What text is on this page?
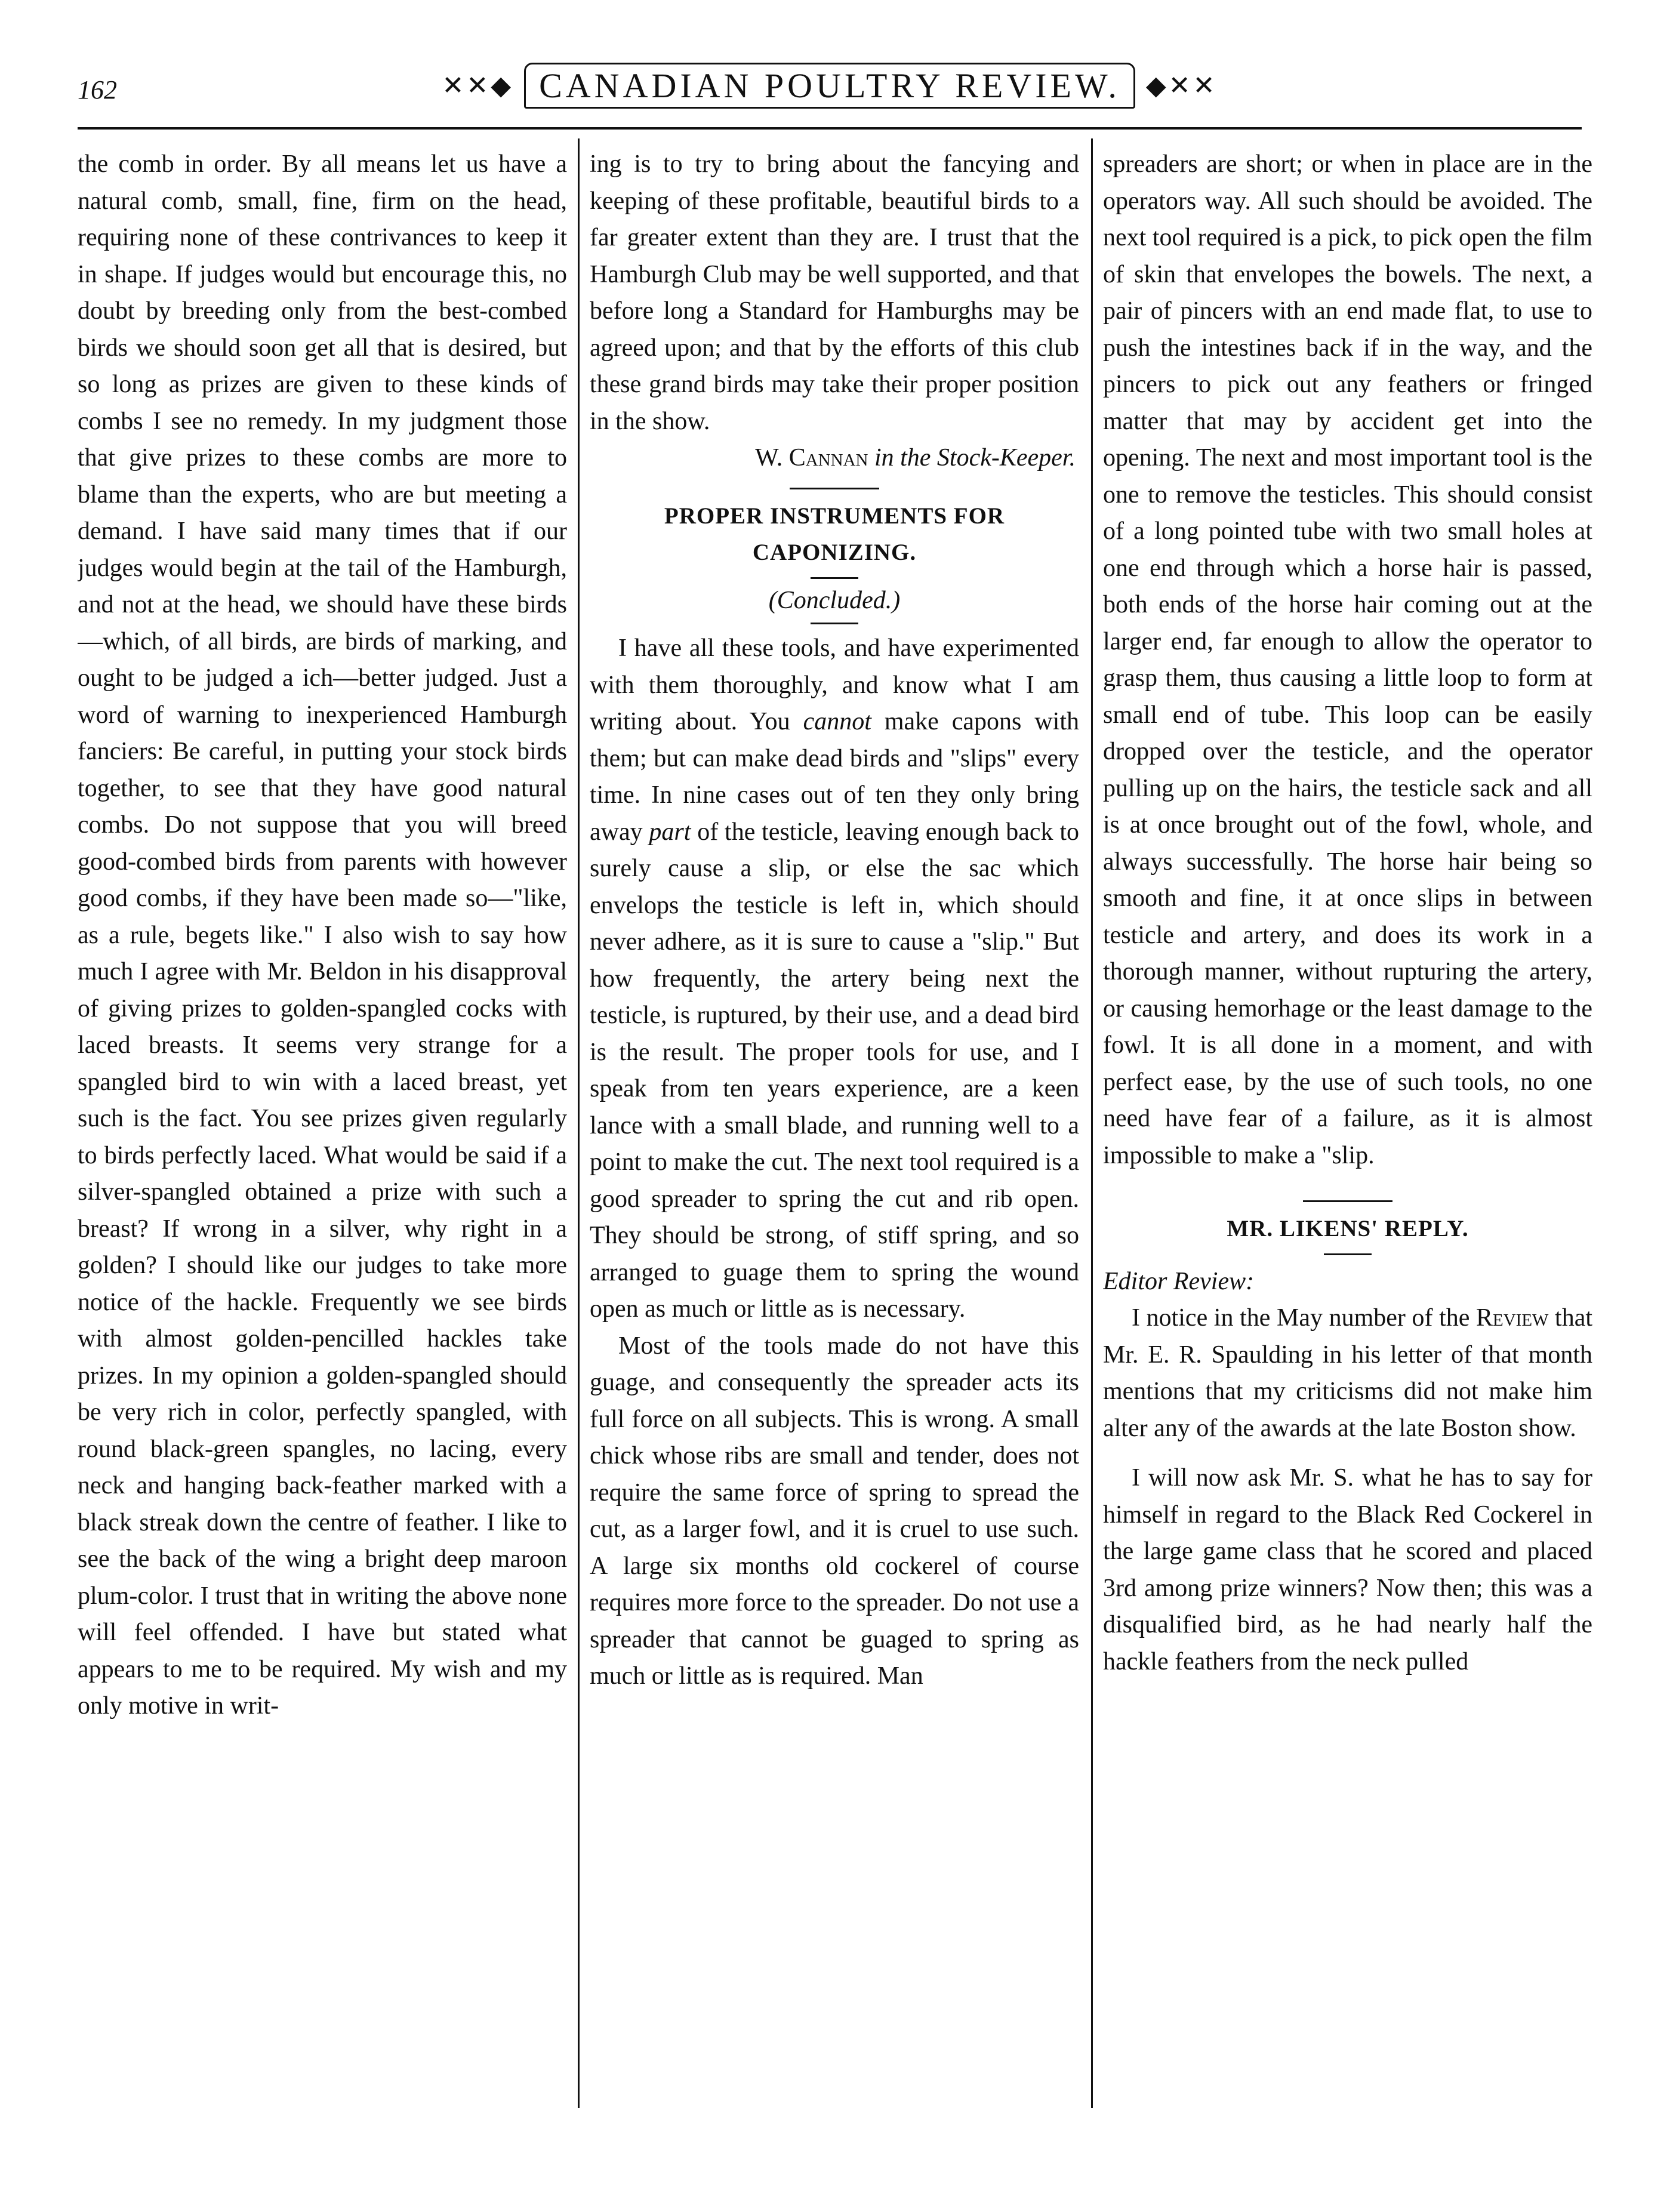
162	✕✕◆ CANADIAN POULTRY REVIEW. ◆✕✕

the comb in order. By all means let us have a natural comb, small, fine, firm on the head, requiring none of these contrivances to keep it in shape. If judges would but encourage this, no doubt by breeding only from the best-combed birds we should soon get all that is desired, but so long as prizes are given to these kinds of combs I see no remedy. In my judgment those that give prizes to these combs are more to blame than the experts, who are but meeting a demand. I have said many times that if our judges would begin at the tail of the Hamburgh, and not at the head, we should have these birds—which, of all birds, are birds of marking, and ought to be judged a ich—better judged. Just a word of warning to inexperienced Hamburgh fanciers: Be careful, in putting your stock birds together, to see that they have good natural combs. Do not suppose that you will breed good-combed birds from parents with however good combs, if they have been made so—"like, as a rule, begets like." I also wish to say how much I agree with Mr. Beldon in his disapproval of giving prizes to golden-spangled cocks with laced breasts. It seems very strange for a spangled bird to win with a laced breast, yet such is the fact. You see prizes given regularly to birds perfectly laced. What would be said if a silver-spangled obtained a prize with such a breast? If wrong in a silver, why right in a golden? I should like our judges to take more notice of the hackle. Frequently we see birds with almost golden-pencilled hackles take prizes. In my opinion a golden-spangled should be very rich in color, perfectly spangled, with round black-green spangles, no lacing, every neck and hanging back-feather marked with a black streak down the centre of feather. I like to see the back of the wing a bright deep maroon plum-color. I trust that in writing the above none will feel offended. I have but stated what appears to me to be required. My wish and my only motive in writ-

ing is to try to bring about the fancying and keeping of these profitable, beautiful birds to a far greater extent than they are. I trust that the Hamburgh Club may be well supported, and that before long a Standard for Hamburghs may be agreed upon; and that by the efforts of this club these grand birds may take their proper position in the show.

W. Cannan in the Stock-Keeper.

PROPER INSTRUMENTS FOR CAPONIZING.

(Concluded.)

I have all these tools, and have experimented with them thoroughly, and know what I am writing about. You cannot make capons with them; but can make dead birds and "slips" every time. In nine cases out of ten they only bring away part of the testicle, leaving enough back to surely cause a slip, or else the sac which envelops the testicle is left in, which should never adhere, as it is sure to cause a "slip." But how frequently, the artery being next the testicle, is ruptured, by their use, and a dead bird is the result. The proper tools for use, and I speak from ten years experience, are a keen lance with a small blade, and running well to a point to make the cut. The next tool required is a good spreader to spring the cut and rib open. They should be strong, of stiff spring, and so arranged to guage them to spring the wound open as much or little as is necessary.

Most of the tools made do not have this guage, and consequently the spreader acts its full force on all subjects. This is wrong. A small chick whose ribs are small and tender, does not require the same force of spring to spread the cut, as a larger fowl, and it is cruel to use such. A large six months old cockerel of course requires more force to the spreader. Do not use a spreader that cannot be guaged to spring as much or little as is required. Man

spreaders are short; or when in place are in the operators way. All such should be avoided. The next tool required is a pick, to pick open the film of skin that envelopes the bowels. The next, a pair of pincers with an end made flat, to use to push the intestines back if in the way, and the pincers to pick out any feathers or fringed matter that may by accident get into the opening. The next and most important tool is the one to remove the testicles. This should consist of a long pointed tube with two small holes at one end through which a horse hair is passed, both ends of the horse hair coming out at the larger end, far enough to allow the operator to grasp them, thus causing a little loop to form at small end of tube. This loop can be easily dropped over the testicle, and the operator pulling up on the hairs, the testicle sack and all is at once brought out of the fowl, whole, and always successfully. The horse hair being so smooth and fine, it at once slips in between testicle and artery, and does its work in a thorough manner, without rupturing the artery, or causing hemorhage or the least damage to the fowl. It is all done in a moment, and with perfect ease, by the use of such tools, no one need have fear of a failure, as it is almost impossible to make a "slip.

MR. LIKENS' REPLY.

Editor Review:

I notice in the May number of the Review that Mr. E. R. Spaulding in his letter of that month mentions that my criticisms did not make him alter any of the awards at the late Boston show.

I will now ask Mr. S. what he has to say for himself in regard to the Black Red Cockerel in the large game class that he scored and placed 3rd among prize winners? Now then; this was a disqualified bird, as he had nearly half the hackle feathers from the neck pulled
